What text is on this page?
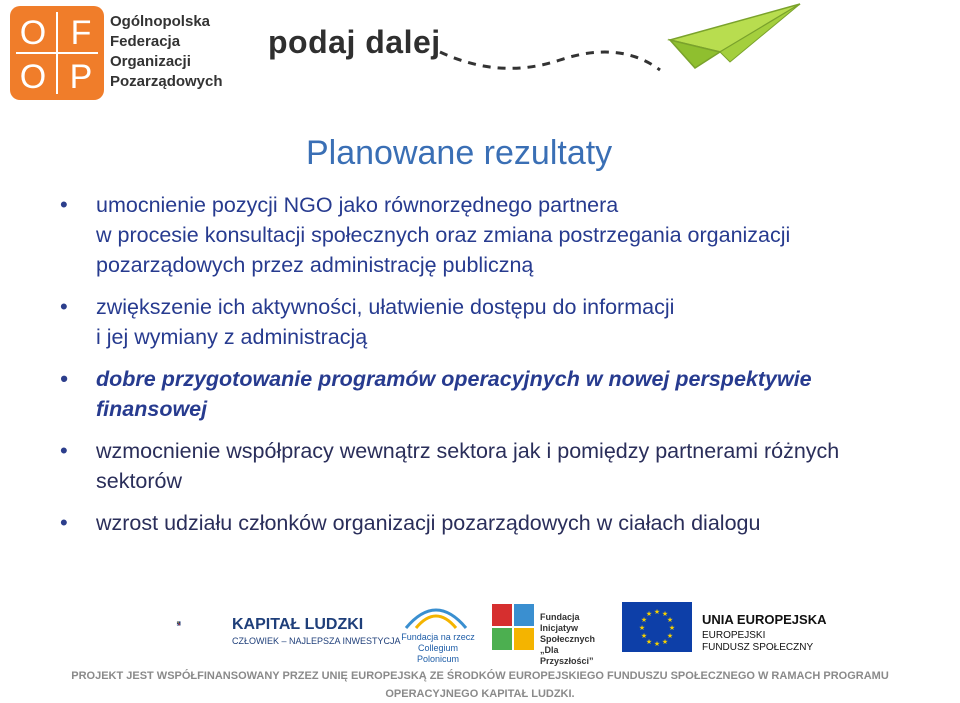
O F
O P
Ogólnopolska
Federacja
Organizacji
Pozarządowych
podaj dalej
Planowane rezultaty
• umocnienie pozycji NGO jako równorzędnego partnera
w procesie konsultacji społecznych oraz zmiana postrzegania organizacji
pozarządowych przez administrację publiczną
• zwiększenie ich aktywności, ułatwienie dostępu do informacji
i jej wymiany z administracją
• dobre przygotowanie programów operacyjnych w nowej perspektywie
finansowej
• wzmocnienie współpracy wewnątrz sektora jak i pomiędzy partnerami różnych
sektorów
• wzrost udziału członków organizacji pozarządowych w ciałach dialogu
KAPITAŁ LUDZKI
CZŁOWIEK – NAJLEPSZA INWESTYCJA Fundacja na rzecz
Collegium Polonicum
Fundacja
Inicjatyw
Społecznych
„Dla Przyszłości”
★ ★
★
★
★
★
★
★
★
★
★
★	UNIA EUROPEJSKA
EUROPEJSKI
FUNDUSZ SPOŁECZNY
PROJEKT JEST WSPÓŁFINANSOWANY PRZEZ UNIĘ EUROPEJSKĄ ZE ŚRODKÓW EUROPEJSKIEGO FUNDUSZU SPOŁECZNEGO W RAMACH PROGRAMU
OPERACYJNEGO KAPITAŁ LUDZKI.
